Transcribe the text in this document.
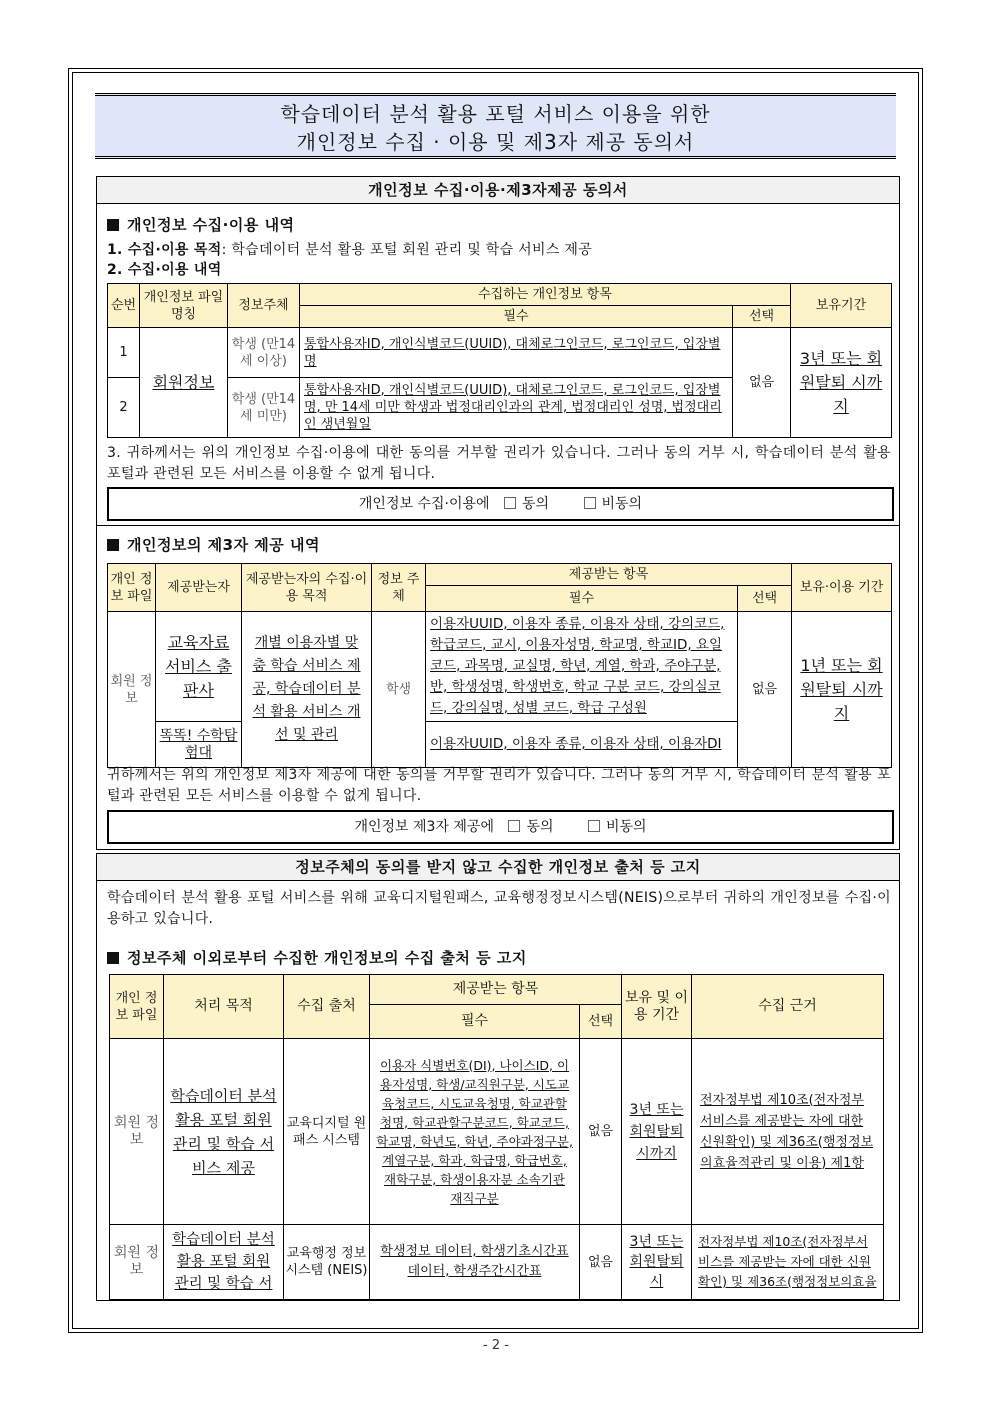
학습데이터 분석 활용 포털 서비스 이용을 위한
개인정보 수집 · 이용 및 제3자 제공 동의서
개인정보 수집·이용·제3자제공 동의서
개인정보 수집·이용 내역
1. 수집·이용 목적: 학습데이터 분석 활용 포털 회원 관리 및 학습 서비스 제공
2. 수집·이용 내역
순번	개인정보 파일명칭	정보주체	수집하는 개인정보 항목		보유기간
			필수	선택	
1	회원정보	학생 (만14세 이상)	통합사용자ID, 개인식별코드(UUID), 대체로그인코드, 로그인코드, 입장별명	없음	3년 또는 회원탈퇴 시까지
2		학생 (만14세 미만)	통합사용자ID, 개인식별코드(UUID), 대체로그인코드, 로그인코드, 입장별명, 만 14세 미만 학생과 법정대리인과의 관계, 법정대리인 성명, 법정대리인 생년월일		
3. 귀하께서는 위의 개인정보 수집·이용에 대한 동의를 거부할 권리가 있습니다. 그러나 동의 거부 시, 학습데이터 분석 활용 포털과 관련된 모든 서비스를 이용할 수 없게 됩니다.
개인정보 수집·이용에 동의	비동의
개인정보의 제3자 제공 내역
개인 정보 파일	제공받는자	제공받는자의 수집·이용 목적	정보 주체	제공받는 항목		보유·이용 기간
				필수	선택	
회원 정보	교육자료 서비스 출판사	개별 이용자별 맞춤 학습 서비스 제공, 학습데이터 분석 활용 서비스 개선 및 관리	학생	이용자UUID, 이용자 종류, 이용자 상태, 강의코드, 학급코드, 교시, 이용자성명, 학교명, 학교ID, 요일코드, 과목명, 교실명, 학년, 계열, 학과, 주야구분, 반, 학생성명, 학생번호, 학교 구분 코드, 강의실코드, 강의실명, 성별 코드, 학급 구성원	없음	1년 또는 회원탈퇴 시까지
	똑똑! 수학탐험대			이용자UUID, 이용자 종류, 이용자 상태, 이용자DI		
귀하께서는 위의 개인정보 제3자 제공에 대한 동의를 거부할 권리가 있습니다. 그러나 동의 거부 시, 학습데이터 분석 활용 포털과 관련된 모든 서비스를 이용할 수 없게 됩니다.
개인정보 제3자 제공에 동의	비동의
정보주체의 동의를 받지 않고 수집한 개인정보 출처 등 고지
학습데이터 분석 활용 포털 서비스를 위해 교육디지털원패스, 교육행정정보시스템(NEIS)으로부터 귀하의 개인정보를 수집·이용하고 있습니다.
정보주체 이외로부터 수집한 개인정보의 수집 출처 등 고지
개인 정보 파일	처리 목적	수집 출처	제공받는 항목		보유 및 이용 기간	수집 근거
			필수	선택		
회원 정보	학습데이터 분석 활용 포털 회원 관리 및 학습 서비스 제공	교육디지털 원패스 시스템	이용자 식별번호(DI), 나이스ID, 이용자성명, 학생/교직원구분, 시도교육청코드, 시도교육청명, 학교관할청명, 학교관할구분코드, 학교코드, 학교명, 학년도, 학년, 주야과정구분, 계열구분, 학과, 학급명, 학급번호, 재학구분, 학생이용자분 소속기관 재직구분	없음	3년 또는 회원탈퇴시까지	전자정부법 제10조(전자정부서비스를 제공받는 자에 대한 신원확인) 및 제36조(행정정보의효율적관리 및 이용) 제1항
회원 정보	학습데이터 분석 활용 포털 회원 관리 및 학습 서	교육행정 정보시스템 (NEIS)	학생정보 데이터, 학생기초시간표 데이터, 학생주간시간표	없음	3년 또는 회원탈퇴시	전자정부법 제10조(전자정부서비스를 제공받는 자에 대한 신원확인) 및 제36조(행정정보의효율
- 2 -
